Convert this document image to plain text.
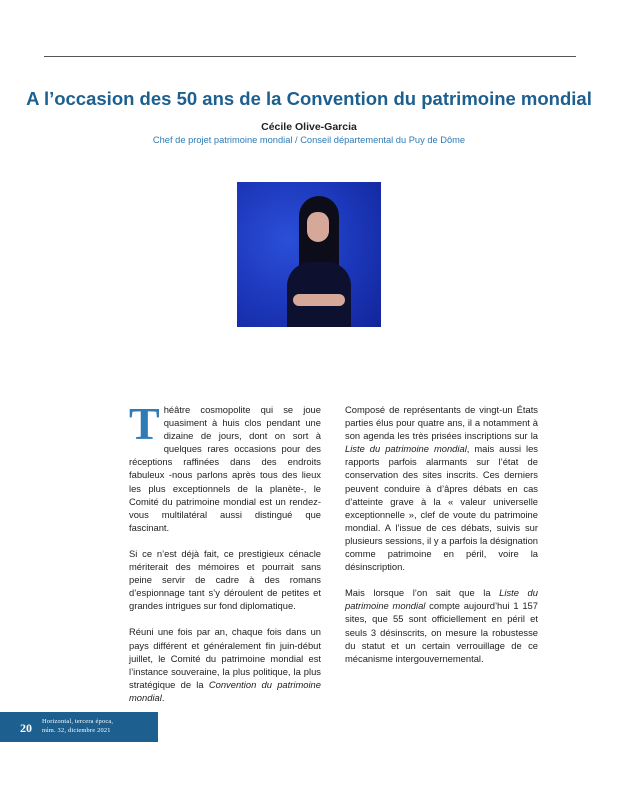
A l’occasion des 50 ans de la Convention du patrimoine mondial
Cécile Olive-Garcia
Chef de projet patrimoine mondial / Conseil départemental du Puy de Dôme

Théâtre cosmopolite qui se joue quasiment à huis clos pendant une dizaine de jours, dont on sort à quelques rares occasions pour des réceptions raffinées dans des endroits fabuleux -nous parlons après tous des lieux les plus exceptionnels de la planète-, le Comité du patrimoine mondial est un rendez-vous multilatéral aussi distingué que fascinant.

Si ce n’est déjà fait, ce prestigieux cénacle mériterait des mémoires et pourrait sans peine servir de cadre à des romans d’espionnage tant s’y déroulent de petites et grandes intrigues sur fond diplomatique.

Réuni une fois par an, chaque fois dans un pays différent et généralement fin juin-début juillet, le Comité du patrimoine mondial est l’instance souveraine, la plus politique, la plus stratégique de la Convention du patrimoine mondial.

Composé de représentants de vingt-un États parties élus pour quatre ans, il a notamment à son agenda les très prisées inscriptions sur la Liste du patrimoine mondial, mais aussi les rapports parfois alarmants sur l’état de conservation des sites inscrits. Ces derniers peuvent conduire à d’âpres débats en cas d’atteinte grave à la « valeur universelle exceptionnelle », clef de voute du patrimoine mondial. A l’issue de ces débats, suivis sur plusieurs sessions, il y a parfois la désignation comme patrimoine en péril, voire la désinscription.

Mais lorsque l’on sait que la Liste du patrimoine mondial compte aujourd’hui 1 157 sites, que 55 sont officiellement en péril et seuls 3 désinscrits, on mesure la robustesse du statut et un certain verrouillage de ce mécanisme intergouvernemental.

20 Horizontal, tercera época,
núm. 32, diciembre 2021
